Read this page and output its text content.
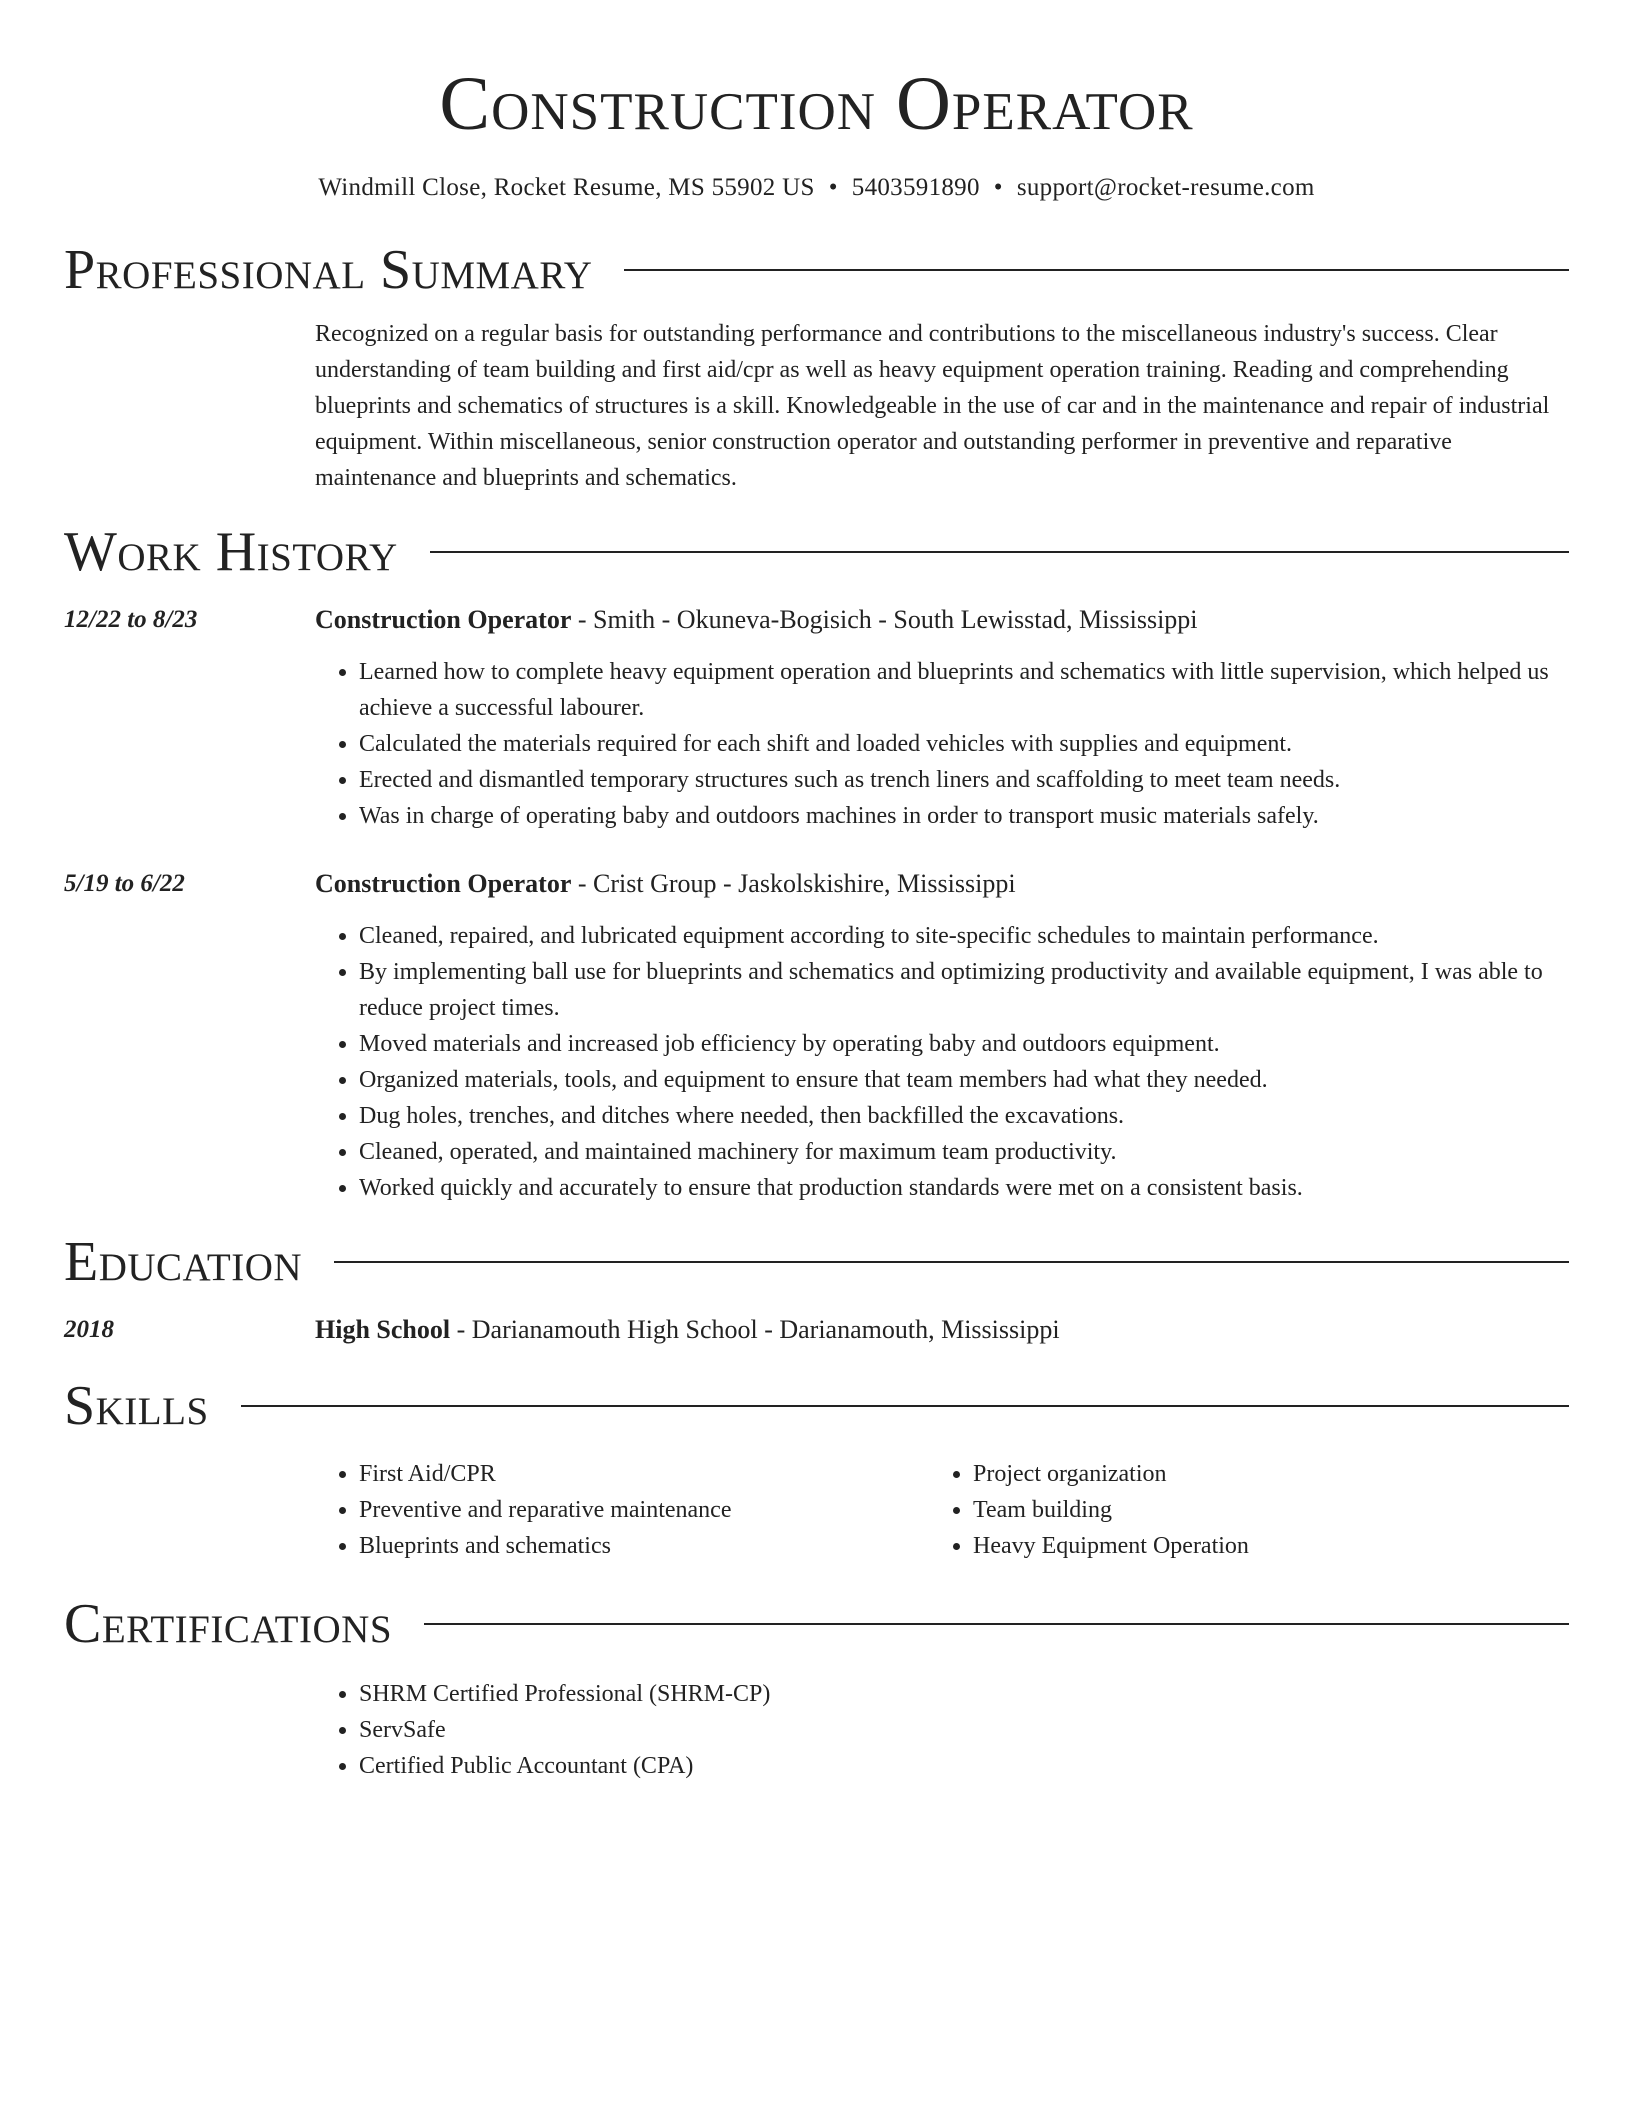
Construction Operator
Windmill Close, Rocket Resume, MS 55902 US • 5403591890 • support@rocket-resume.com
Professional Summary

Recognized on a regular basis for outstanding performance and contributions to the miscellaneous industry's success. Clear understanding of team building and first aid/cpr as well as heavy equipment operation training. Reading and comprehending blueprints and schematics of structures is a skill. Knowledgeable in the use of car and in the maintenance and repair of industrial equipment. Within miscellaneous, senior construction operator and outstanding performer in preventive and reparative maintenance and blueprints and schematics.

Work History
12/22 to 8/23	Construction Operator - Smith - Okuneva-Bogisich - South Lewisstad, Mississippi
• Learned how to complete heavy equipment operation and blueprints and schematics with little supervision, which helped us achieve a successful labourer.
• Calculated the materials required for each shift and loaded vehicles with supplies and equipment.
• Erected and dismantled temporary structures such as trench liners and scaffolding to meet team needs.
• Was in charge of operating baby and outdoors machines in order to transport music materials safely.
5/19 to 6/22	Construction Operator - Crist Group - Jaskolskishire, Mississippi
• Cleaned, repaired, and lubricated equipment according to site-specific schedules to maintain performance.
• By implementing ball use for blueprints and schematics and optimizing productivity and available equipment, I was able to reduce project times.
• Moved materials and increased job efficiency by operating baby and outdoors equipment.
• Organized materials, tools, and equipment to ensure that team members had what they needed.
• Dug holes, trenches, and ditches where needed, then backfilled the excavations.
• Cleaned, operated, and maintained machinery for maximum team productivity.
• Worked quickly and accurately to ensure that production standards were met on a consistent basis.
Education
2018	High School - Darianamouth High School - Darianamouth, Mississippi
Skills
• First Aid/CPR
• Preventive and reparative maintenance
• Blueprints and schematics
• Project organization
• Team building
• Heavy Equipment Operation
Certifications
• SHRM Certified Professional (SHRM-CP)
• ServSafe
• Certified Public Accountant (CPA)
